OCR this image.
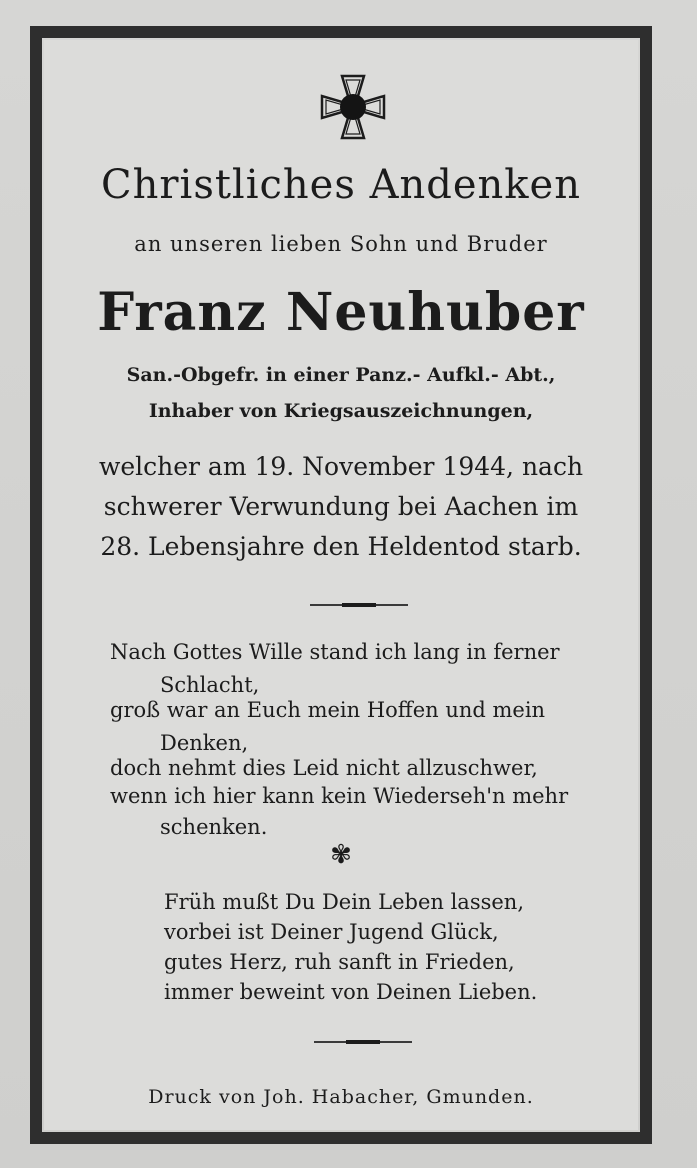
Christliches Andenken
an unseren lieben Sohn und Bruder
Franz Neuhuber
San.-Obgefr. in einer Panz.- Aufkl.- Abt.,
Inhaber von Kriegsauszeichnungen,
welcher am 19. November 1944, nach
schwerer Verwundung bei Aachen im
28. Lebensjahre den Heldentod starb.
Nach Gottes Wille stand ich lang in ferner
Schlacht,
groß war an Euch mein Hoffen und mein
Denken,
doch nehmt dies Leid nicht allzuschwer,
wenn ich hier kann kein Wiederseh'n mehr
schenken.
✾
Früh mußt Du Dein Leben lassen,
vorbei ist Deiner Jugend Glück,
gutes Herz, ruh sanft in Frieden,
immer beweint von Deinen Lieben.
Druck von Joh. Habacher, Gmunden.
